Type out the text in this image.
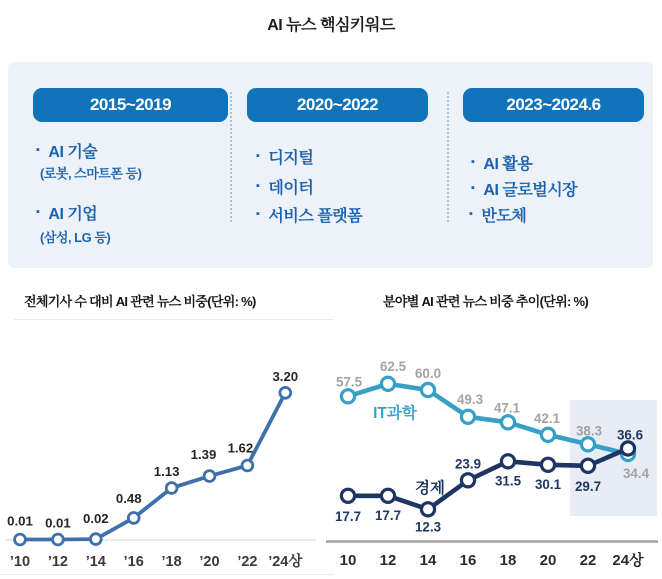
AI 뉴스 핵심키워드
2015~2019
▪ AI 기술
(로봇, 스마트폰 등)
▪ AI 기업
(삼성, LG 등)
2020~2022
▪ 디지털
▪ 데이터
▪ 서비스 플랫폼
2023~2024.6
▪ AI 활용
▪ AI 글로벌시장
▪ 반도체
전체기사 수 대비 AI 관련 뉴스 비중(단위: %)	분야별 AI 관련 뉴스 비중 추이(단위: %)
0.01 0.01 0.02
0.48
1.13
1.39 1.62
3.20
’10 ’12 ’14 ’16 ’18 ’20 ’22 ’24상
57.5
62.5 60.0
49.3
47.1
42.1
38.3
34.4
IT과학
17.7 17.7
12.3
23.9
31.5 30.1 29.7
36.6
경제
10 12 14 16 18 20 22 24상
